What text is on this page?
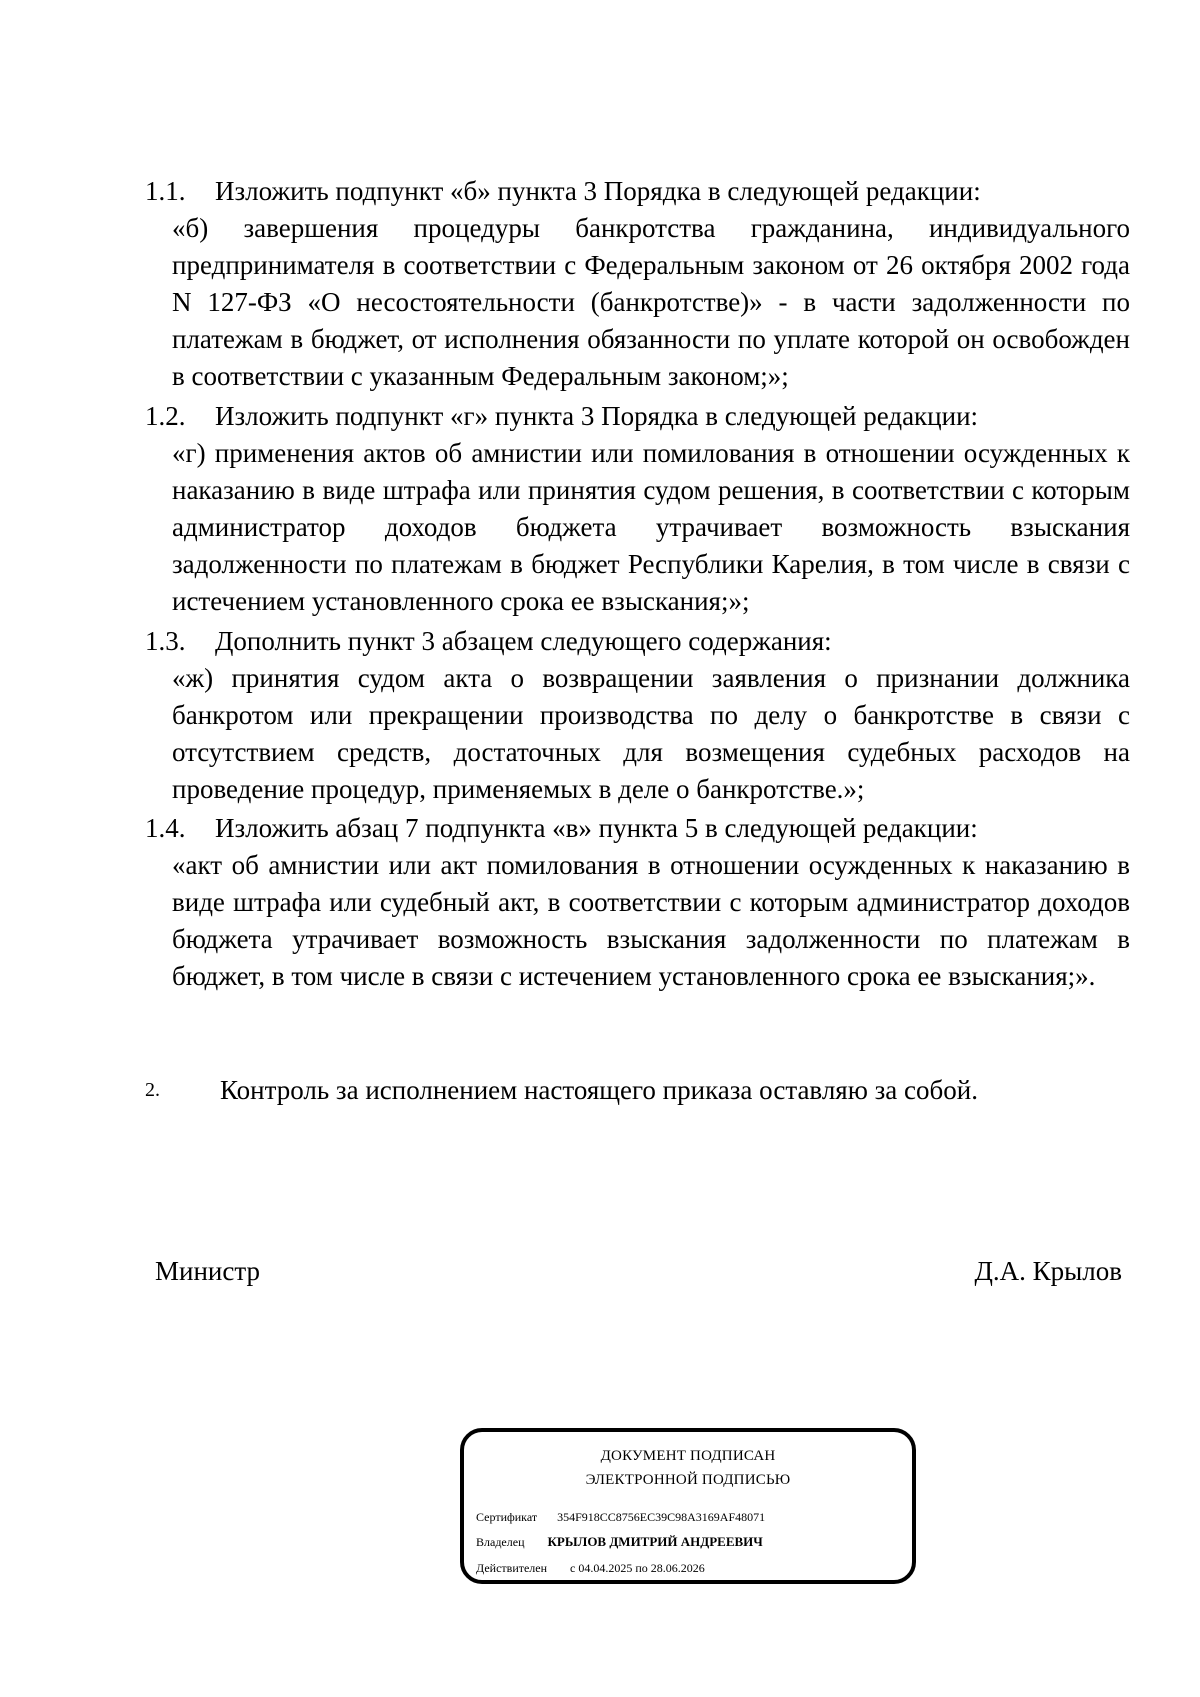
1.1. Изложить подпункт «б» пункта 3 Порядка в следующей редакции:
«б) завершения процедуры банкротства гражданина, индивидуального предпринимателя в соответствии с Федеральным законом от 26 октября 2002 года N 127-ФЗ «О несостоятельности (банкротстве)» - в части задолженности по платежам в бюджет, от исполнения обязанности по уплате которой он освобожден в соответствии с указанным Федеральным законом;»;
1.2. Изложить подпункт «г» пункта 3 Порядка в следующей редакции:
«г) применения актов об амнистии или помилования в отношении осужденных к наказанию в виде штрафа или принятия судом решения, в соответствии с которым администратор доходов бюджета утрачивает возможность взыскания задолженности по платежам в бюджет Республики Карелия, в том числе в связи с истечением установленного срока ее взыскания;»;
1.3. Дополнить пункт 3 абзацем следующего содержания:
«ж) принятия судом акта о возвращении заявления о признании должника банкротом или прекращении производства по делу о банкротстве в связи с отсутствием средств, достаточных для возмещения судебных расходов на проведение процедур, применяемых в деле о банкротстве.»;
1.4. Изложить абзац 7 подпункта «в» пункта 5 в следующей редакции:
«акт об амнистии или акт помилования в отношении осужденных к наказанию в виде штрафа или судебный акт, в соответствии с которым администратор доходов бюджета утрачивает возможность взыскания задолженности по платежам в бюджет, в том числе в связи с истечением установленного срока ее взыскания;».
2. Контроль за исполнением настоящего приказа оставляю за собой.
Министр	Д.А. Крылов
ДОКУМЕНТ ПОДПИСАН
ЭЛЕКТРОННОЙ ПОДПИСЬЮ
Сертификат 354F918CC8756EC39C98A3169AF48071
Владелец КРЫЛОВ ДМИТРИЙ АНДРЕЕВИЧ
Действителен с 04.04.2025 по 28.06.2026
